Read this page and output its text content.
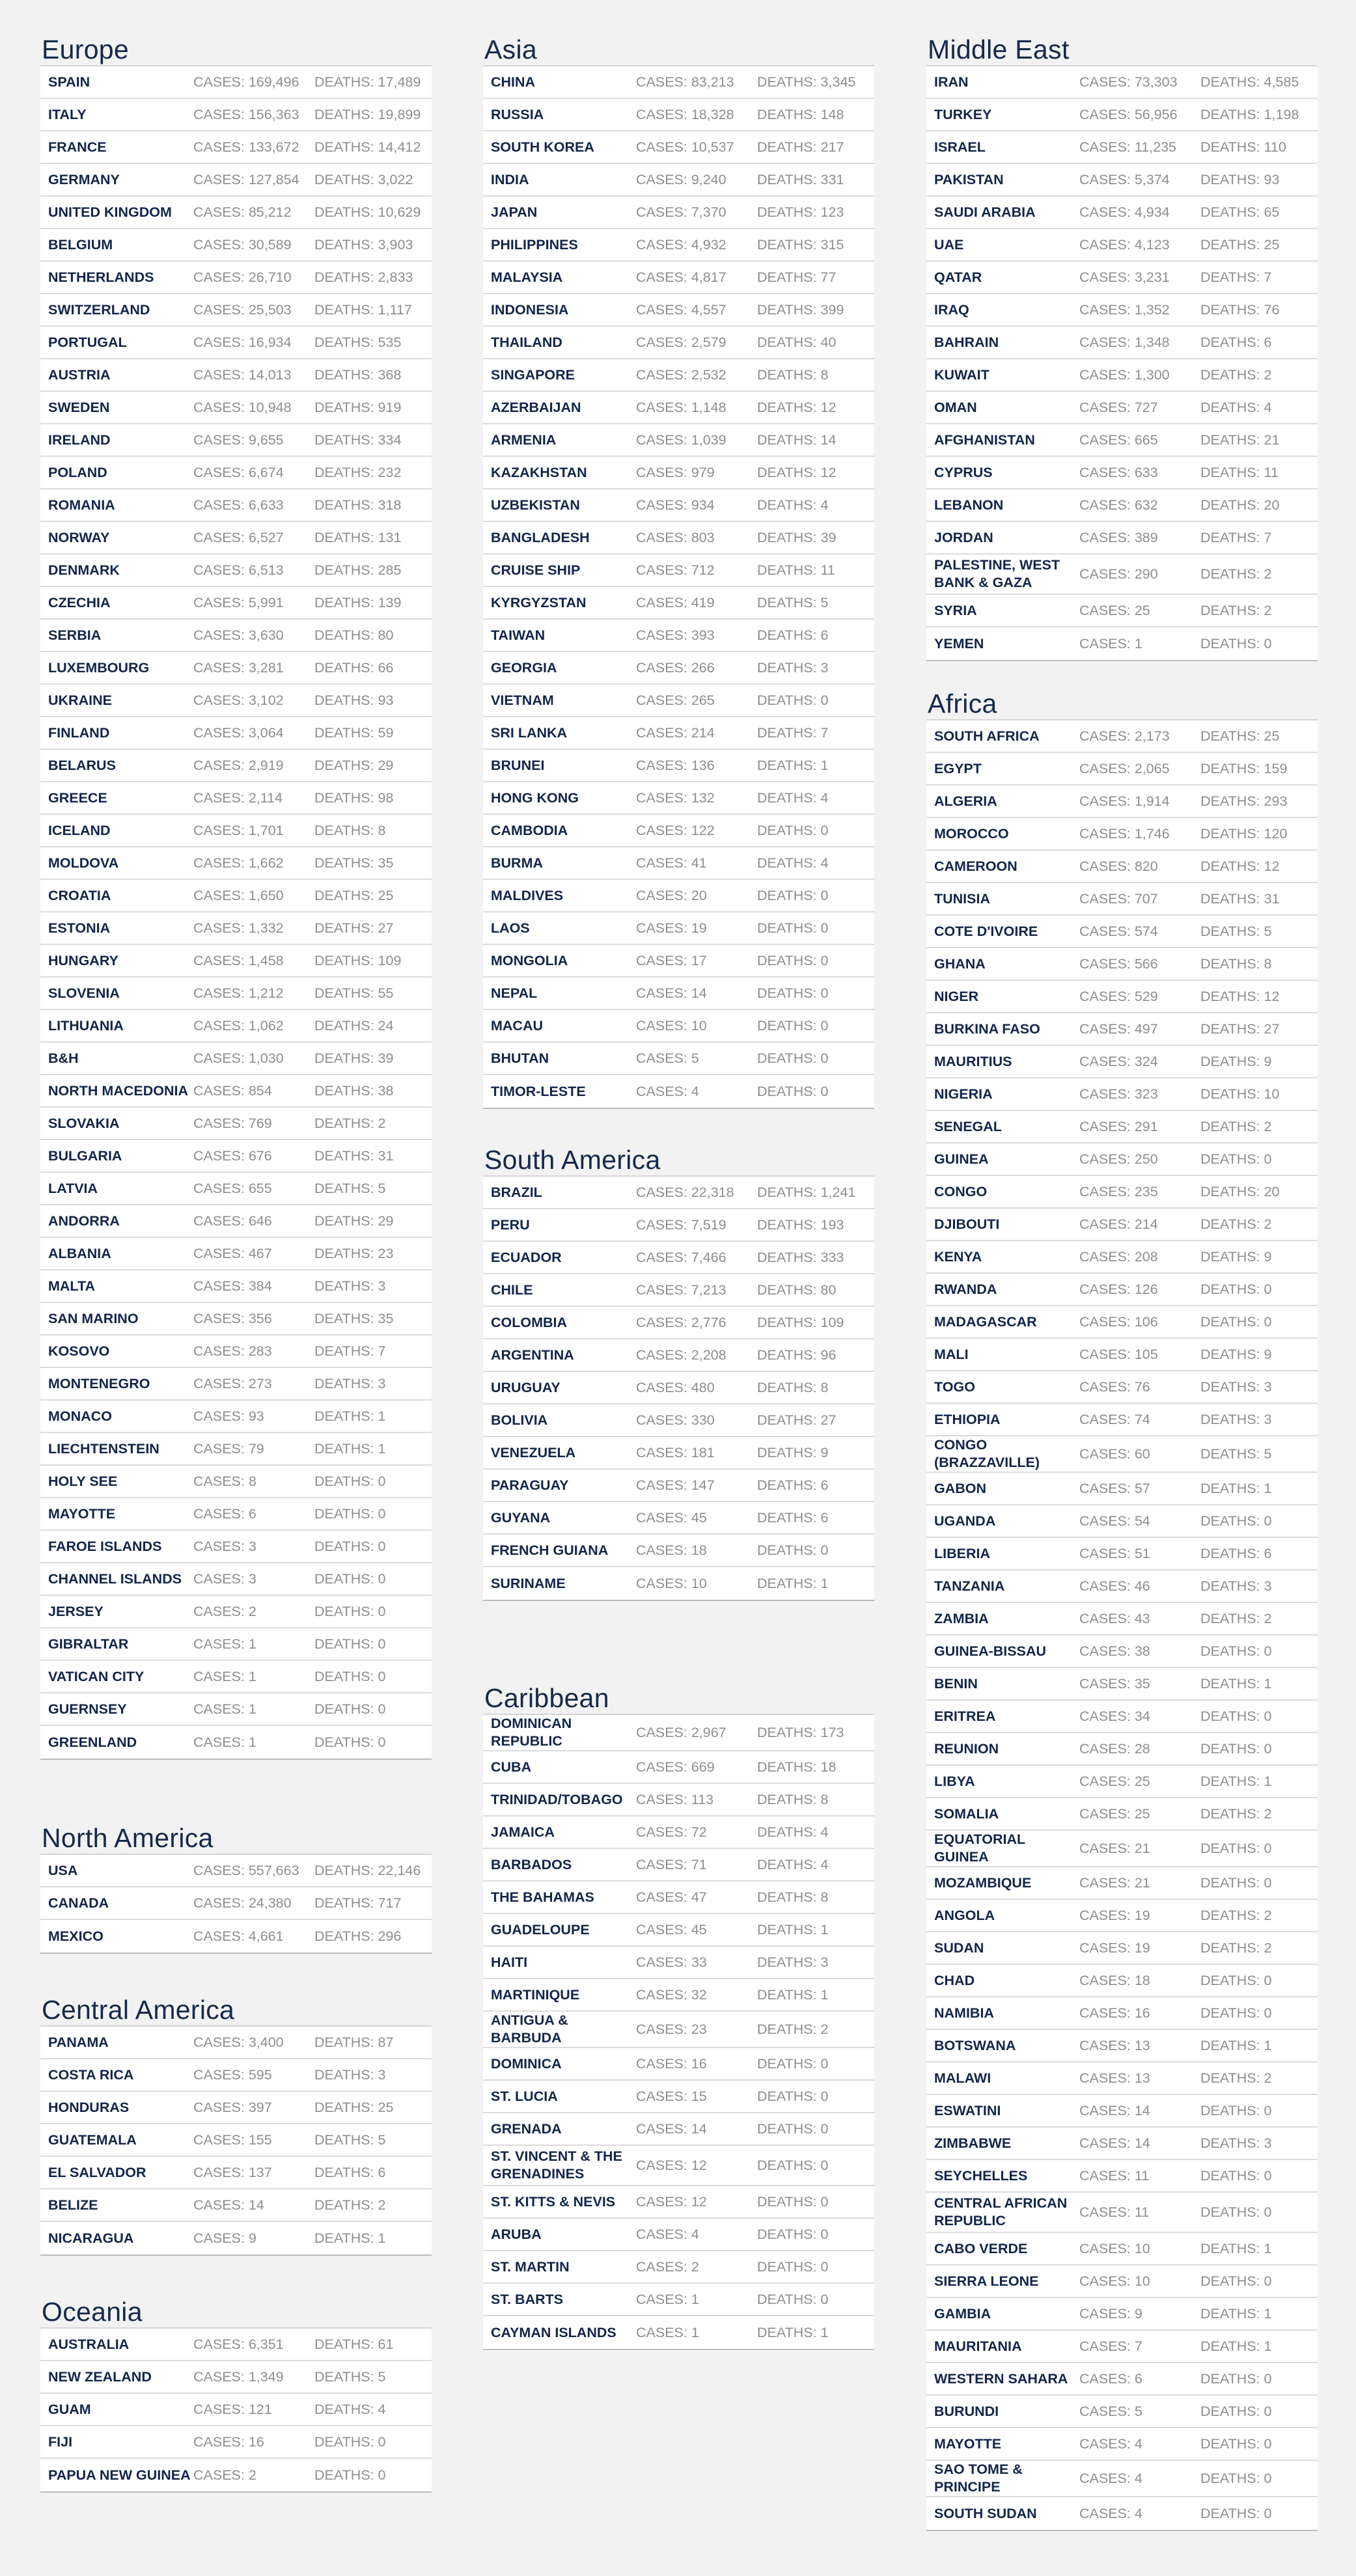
Europe
SPAIN	CASES: 169,496	DEATHS: 17,489
ITALY	CASES: 156,363	DEATHS: 19,899
FRANCE	CASES: 133,672	DEATHS: 14,412
GERMANY	CASES: 127,854	DEATHS: 3,022
UNITED KINGDOM	CASES: 85,212	DEATHS: 10,629
BELGIUM	CASES: 30,589	DEATHS: 3,903
NETHERLANDS	CASES: 26,710	DEATHS: 2,833
SWITZERLAND	CASES: 25,503	DEATHS: 1,117
PORTUGAL	CASES: 16,934	DEATHS: 535
AUSTRIA	CASES: 14,013	DEATHS: 368
SWEDEN	CASES: 10,948	DEATHS: 919
IRELAND	CASES: 9,655	DEATHS: 334
POLAND	CASES: 6,674	DEATHS: 232
ROMANIA	CASES: 6,633	DEATHS: 318
NORWAY	CASES: 6,527	DEATHS: 131
DENMARK	CASES: 6,513	DEATHS: 285
CZECHIA	CASES: 5,991	DEATHS: 139
SERBIA	CASES: 3,630	DEATHS: 80
LUXEMBOURG	CASES: 3,281	DEATHS: 66
UKRAINE	CASES: 3,102	DEATHS: 93
FINLAND	CASES: 3,064	DEATHS: 59
BELARUS	CASES: 2,919	DEATHS: 29
GREECE	CASES: 2,114	DEATHS: 98
ICELAND	CASES: 1,701	DEATHS: 8
MOLDOVA	CASES: 1,662	DEATHS: 35
CROATIA	CASES: 1,650	DEATHS: 25
ESTONIA	CASES: 1,332	DEATHS: 27
HUNGARY	CASES: 1,458	DEATHS: 109
SLOVENIA	CASES: 1,212	DEATHS: 55
LITHUANIA	CASES: 1,062	DEATHS: 24
B&H	CASES: 1,030	DEATHS: 39
NORTH MACEDONIA CASES: 854	DEATHS: 38
SLOVAKIA	CASES: 769	DEATHS: 2
BULGARIA	CASES: 676	DEATHS: 31
LATVIA	CASES: 655	DEATHS: 5
ANDORRA	CASES: 646	DEATHS: 29
ALBANIA	CASES: 467	DEATHS: 23
MALTA	CASES: 384	DEATHS: 3
SAN MARINO	CASES: 356	DEATHS: 35
KOSOVO	CASES: 283	DEATHS: 7
MONTENEGRO	CASES: 273	DEATHS: 3
MONACO	CASES: 93	DEATHS: 1
LIECHTENSTEIN	CASES: 79	DEATHS: 1
HOLY SEE	CASES: 8	DEATHS: 0
MAYOTTE	CASES: 6	DEATHS: 0
FAROE ISLANDS	CASES: 3	DEATHS: 0
CHANNEL ISLANDS CASES: 3	DEATHS: 0
JERSEY	CASES: 2	DEATHS: 0
GIBRALTAR	CASES: 1	DEATHS: 0
VATICAN CITY	CASES: 1	DEATHS: 0
GUERNSEY	CASES: 1	DEATHS: 0
GREENLAND	CASES: 1	DEATHS: 0
North America
USA	CASES: 557,663	DEATHS: 22,146
CANADA	CASES: 24,380	DEATHS: 717
MEXICO	CASES: 4,661	DEATHS: 296
Central America
PANAMA	CASES: 3,400	DEATHS: 87
COSTA RICA	CASES: 595	DEATHS: 3
HONDURAS	CASES: 397	DEATHS: 25
GUATEMALA	CASES: 155	DEATHS: 5
EL SALVADOR	CASES: 137	DEATHS: 6
BELIZE	CASES: 14	DEATHS: 2
NICARAGUA	CASES: 9	DEATHS: 1
Oceania
AUSTRALIA	CASES: 6,351	DEATHS: 61
NEW ZEALAND	CASES: 1,349	DEATHS: 5
GUAM	CASES: 121	DEATHS: 4
FIJI	CASES: 16	DEATHS: 0
PAPUA NEW GUINEA CASES: 2	DEATHS: 0
Asia
CHINA	CASES: 83,213	DEATHS: 3,345
RUSSIA	CASES: 18,328	DEATHS: 148
SOUTH KOREA	CASES: 10,537	DEATHS: 217
INDIA	CASES: 9,240	DEATHS: 331
JAPAN	CASES: 7,370	DEATHS: 123
PHILIPPINES	CASES: 4,932	DEATHS: 315
MALAYSIA	CASES: 4,817	DEATHS: 77
INDONESIA	CASES: 4,557	DEATHS: 399
THAILAND	CASES: 2,579	DEATHS: 40
SINGAPORE	CASES: 2,532	DEATHS: 8
AZERBAIJAN	CASES: 1,148	DEATHS: 12
ARMENIA	CASES: 1,039	DEATHS: 14
KAZAKHSTAN	CASES: 979	DEATHS: 12
UZBEKISTAN	CASES: 934	DEATHS: 4
BANGLADESH	CASES: 803	DEATHS: 39
CRUISE SHIP	CASES: 712	DEATHS: 11
KYRGYZSTAN	CASES: 419	DEATHS: 5
TAIWAN	CASES: 393	DEATHS: 6
GEORGIA	CASES: 266	DEATHS: 3
VIETNAM	CASES: 265	DEATHS: 0
SRI LANKA	CASES: 214	DEATHS: 7
BRUNEI	CASES: 136	DEATHS: 1
HONG KONG	CASES: 132	DEATHS: 4
CAMBODIA	CASES: 122	DEATHS: 0
BURMA	CASES: 41	DEATHS: 4
MALDIVES	CASES: 20	DEATHS: 0
LAOS	CASES: 19	DEATHS: 0
MONGOLIA	CASES: 17	DEATHS: 0
NEPAL	CASES: 14	DEATHS: 0
MACAU	CASES: 10	DEATHS: 0
BHUTAN	CASES: 5	DEATHS: 0
TIMOR-LESTE	CASES: 4	DEATHS: 0
South America
BRAZIL	CASES: 22,318	DEATHS: 1,241
PERU	CASES: 7,519	DEATHS: 193
ECUADOR	CASES: 7,466	DEATHS: 333
CHILE	CASES: 7,213	DEATHS: 80
COLOMBIA	CASES: 2,776	DEATHS: 109
ARGENTINA	CASES: 2,208	DEATHS: 96
URUGUAY	CASES: 480	DEATHS: 8
BOLIVIA	CASES: 330	DEATHS: 27
VENEZUELA	CASES: 181	DEATHS: 9
PARAGUAY	CASES: 147	DEATHS: 6
GUYANA	CASES: 45	DEATHS: 6
FRENCH GUIANA	CASES: 18	DEATHS: 0
SURINAME	CASES: 10	DEATHS: 1
Caribbean
DOMINICAN REPUBLIC
CASES: 2,967	DEATHS: 173
CUBA	CASES: 669	DEATHS: 18
TRINIDAD/TOBAGO CASES: 113	DEATHS: 8
JAMAICA	CASES: 72	DEATHS: 4
BARBADOS	CASES: 71	DEATHS: 4
THE BAHAMAS	CASES: 47	DEATHS: 8
GUADELOUPE	CASES: 45	DEATHS: 1
HAITI	CASES: 33	DEATHS: 3
MARTINIQUE	CASES: 32	DEATHS: 1
ANTIGUA & BARBUDA
CASES: 23	DEATHS: 2
DOMINICA	CASES: 16	DEATHS: 0
ST. LUCIA	CASES: 15	DEATHS: 0
GRENADA	CASES: 14	DEATHS: 0
ST. VINCENT & THE GRENADINES
CASES: 12	DEATHS: 0
ST. KITTS & NEVIS	CASES: 12	DEATHS: 0
ARUBA	CASES: 4	DEATHS: 0
ST. MARTIN	CASES: 2	DEATHS: 0
ST. BARTS	CASES: 1	DEATHS: 0
CAYMAN ISLANDS	CASES: 1	DEATHS: 1
Middle East
IRAN	CASES: 73,303	DEATHS: 4,585
TURKEY	CASES: 56,956	DEATHS: 1,198
ISRAEL	CASES: 11,235	DEATHS: 110
PAKISTAN	CASES: 5,374	DEATHS: 93
SAUDI ARABIA	CASES: 4,934	DEATHS: 65
UAE	CASES: 4,123	DEATHS: 25
QATAR	CASES: 3,231	DEATHS: 7
IRAQ	CASES: 1,352	DEATHS: 76
BAHRAIN	CASES: 1,348	DEATHS: 6
KUWAIT	CASES: 1,300	DEATHS: 2
OMAN	CASES: 727	DEATHS: 4
AFGHANISTAN	CASES: 665	DEATHS: 21
CYPRUS	CASES: 633	DEATHS: 11
LEBANON	CASES: 632	DEATHS: 20
JORDAN	CASES: 389	DEATHS: 7
PALESTINE, WEST BANK & GAZA
CASES: 290	DEATHS: 2
SYRIA	CASES: 25	DEATHS: 2
YEMEN	CASES: 1	DEATHS: 0
Africa
SOUTH AFRICA	CASES: 2,173	DEATHS: 25
EGYPT	CASES: 2,065	DEATHS: 159
ALGERIA	CASES: 1,914	DEATHS: 293
MOROCCO	CASES: 1,746	DEATHS: 120
CAMEROON	CASES: 820	DEATHS: 12
TUNISIA	CASES: 707	DEATHS: 31
COTE D'IVOIRE	CASES: 574	DEATHS: 5
GHANA	CASES: 566	DEATHS: 8
NIGER	CASES: 529	DEATHS: 12
BURKINA FASO	CASES: 497	DEATHS: 27
MAURITIUS	CASES: 324	DEATHS: 9
NIGERIA	CASES: 323	DEATHS: 10
SENEGAL	CASES: 291	DEATHS: 2
GUINEA	CASES: 250	DEATHS: 0
CONGO	CASES: 235	DEATHS: 20
DJIBOUTI	CASES: 214	DEATHS: 2
KENYA	CASES: 208	DEATHS: 9
RWANDA	CASES: 126	DEATHS: 0
MADAGASCAR	CASES: 106	DEATHS: 0
MALI	CASES: 105	DEATHS: 9
TOGO	CASES: 76	DEATHS: 3
ETHIOPIA	CASES: 74	DEATHS: 3
CONGO (BRAZZAVILLE)
CASES: 60	DEATHS: 5
GABON	CASES: 57	DEATHS: 1
UGANDA	CASES: 54	DEATHS: 0
LIBERIA	CASES: 51	DEATHS: 6
TANZANIA	CASES: 46	DEATHS: 3
ZAMBIA	CASES: 43	DEATHS: 2
GUINEA-BISSAU	CASES: 38	DEATHS: 0
BENIN	CASES: 35	DEATHS: 1
ERITREA	CASES: 34	DEATHS: 0
REUNION	CASES: 28	DEATHS: 0
LIBYA	CASES: 25	DEATHS: 1
SOMALIA	CASES: 25	DEATHS: 2
EQUATORIAL GUINEA
CASES: 21	DEATHS: 0
MOZAMBIQUE	CASES: 21	DEATHS: 0
ANGOLA	CASES: 19	DEATHS: 2
SUDAN	CASES: 19	DEATHS: 2
CHAD	CASES: 18	DEATHS: 0
NAMIBIA	CASES: 16	DEATHS: 0
BOTSWANA	CASES: 13	DEATHS: 1
MALAWI	CASES: 13	DEATHS: 2
ESWATINI	CASES: 14	DEATHS: 0
ZIMBABWE	CASES: 14	DEATHS: 3
SEYCHELLES	CASES: 11	DEATHS: 0
CENTRAL AFRICAN REPUBLIC
CASES: 11	DEATHS: 0
CABO VERDE	CASES: 10	DEATHS: 1
SIERRA LEONE	CASES: 10	DEATHS: 0
GAMBIA	CASES: 9	DEATHS: 1
MAURITANIA	CASES: 7	DEATHS: 1
WESTERN SAHARA CASES: 6	DEATHS: 0
BURUNDI	CASES: 5	DEATHS: 0
MAYOTTE	CASES: 4	DEATHS: 0
SAO TOME & PRINCIPE
CASES: 4	DEATHS: 0
SOUTH SUDAN	CASES: 4	DEATHS: 0
